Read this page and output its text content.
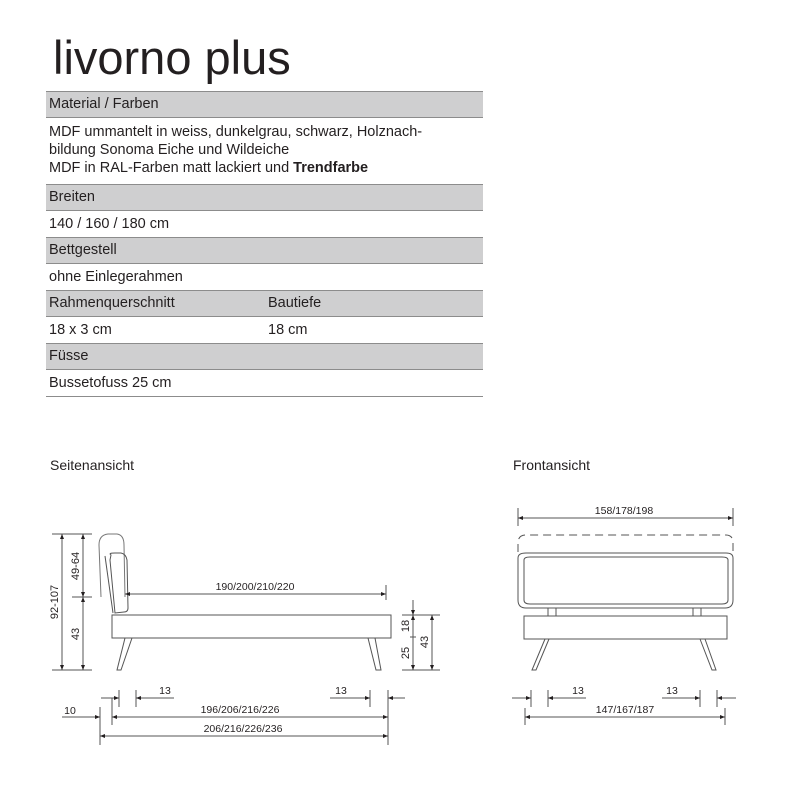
livorno plus
Material / Farben
MDF ummantelt in weiss, dunkelgrau, schwarz, Holznach-
bildung Sonoma Eiche und Wildeiche
MDF in RAL-Farben matt lackiert und Trendfarbe
Breiten
140 / 160 / 180 cm
Bettgestell
ohne Einlegerahmen
Rahmenquerschnitt	Bautiefe
18 x 3 cm	18 cm
Füsse
Bussetofuss 25 cm
Seitenansicht	Frontansicht
92-107
49-64
43
190/200/210/220
18
25
43
13	13
10	196/206/216/226
206/216/226/236
158/178/198
13	13
147/167/187
